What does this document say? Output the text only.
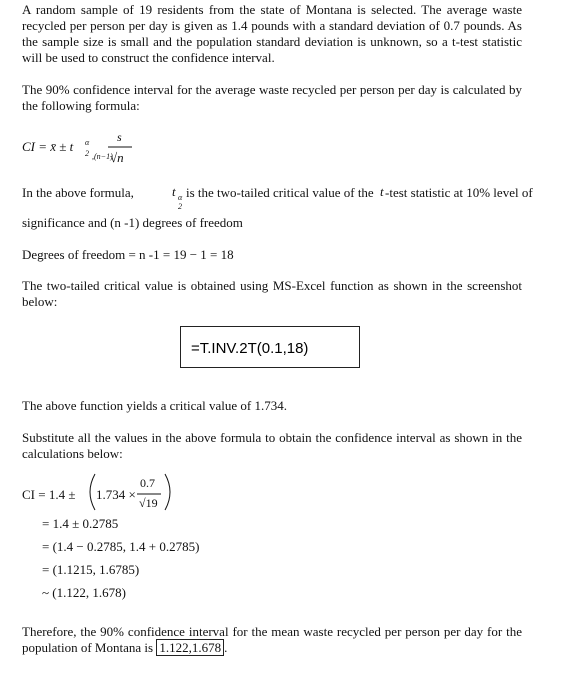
A random sample of 19 residents from the state of Montana is selected. The average waste recycled per person per day is given as 1.4 pounds with a standard deviation of 0.7 pounds. As the sample size is small and the population standard deviation is unknown, so a t-test statistic will be used to construct the confidence interval.
The 90% confidence interval for the average waste recycled per person per day is calculated by the following formula:
CI = x̄ ± t α
2 ,(n−1)
s
√n
In the above formula,	t α
2
is the two-tailed critical value of the t -test statistic at 10% level of
significance and (n -1) degrees of freedom
Degrees of freedom = n -1 = 19 − 1 = 18
The two-tailed critical value is obtained using MS-Excel function as shown in the screenshot below:
=T.INV.2T(0.1,18)
The above function yields a critical value of 1.734.
Substitute all the values in the above formula to obtain the confidence interval as shown in the calculations below:
CI = 1.4 ± 1.734 ×
0.7
√19
= 1.4 ± 0.2785
= (1.4 − 0.2785, 1.4 + 0.2785)
= (1.1215, 1.6785)
~ (1.122, 1.678)
Therefore, the 90% confidence interval for the mean waste recycled per person per day for the population of Montana is 1.122,1.678 .
